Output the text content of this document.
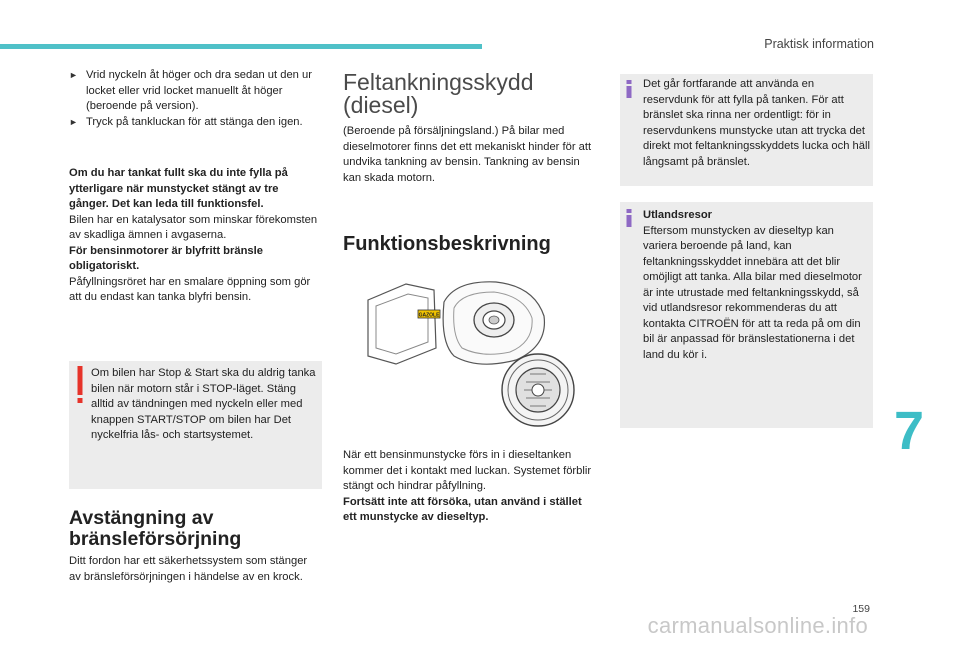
Praktisk information
► Vrid nyckeln åt höger och dra sedan ut den ur locket eller vrid locket manuellt åt höger (beroende på version).
► Tryck på tankluckan för att stänga den igen.
Om du har tankat fullt ska du inte fylla på ytterligare när munstycket stängt av tre gånger. Det kan leda till funktionsfel.
Bilen har en katalysator som minskar förekomsten av skadliga ämnen i avgaserna.
För bensinmotorer är blyfritt bränsle obligatoriskt.
Påfyllningsröret har en smalare öppning som gör att du endast kan tanka blyfri bensin.
Om bilen har Stop & Start ska du aldrig tanka bilen när motorn står i STOP-läget. Stäng alltid av tändningen med nyckeln eller med knappen START/STOP om bilen har Det nyckelfria lås- och startsystemet.
Avstängning av bränsleförsörjning
Ditt fordon har ett säkerhetssystem som stänger av bränsleförsörjningen i händelse av en krock.
Feltankningsskydd (diesel)
(Beroende på försäljningsland.) På bilar med dieselmotorer finns det ett mekaniskt hinder för att undvika tankning av bensin. Tankning av bensin kan skada motorn.
Funktionsbeskrivning
GAZOLE
När ett bensinmunstycke förs in i dieseltanken kommer det i kontakt med luckan. Systemet förblir stängt och hindrar påfyllning.
Fortsätt inte att försöka, utan använd i stället ett munstycke av dieseltyp.
Det går fortfarande att använda en reservdunk för att fylla på tanken. För att bränslet ska rinna ner ordentligt: för in reservdunkens munstycke utan att trycka det direkt mot feltankningsskyddets lucka och häll långsamt på bränslet.
Utlandsresor
Eftersom munstycken av dieseltyp kan variera beroende på land, kan feltankningsskyddet innebära att det blir omöjligt att tanka. Alla bilar med dieselmotor är inte utrustade med feltankningsskydd, så vid utlandsresor rekommenderas du att kontakta CITROËN för att ta reda på om din bil är anpassad för bränslestationerna i det land du kör i.
7
159
carmanualsonline.info
